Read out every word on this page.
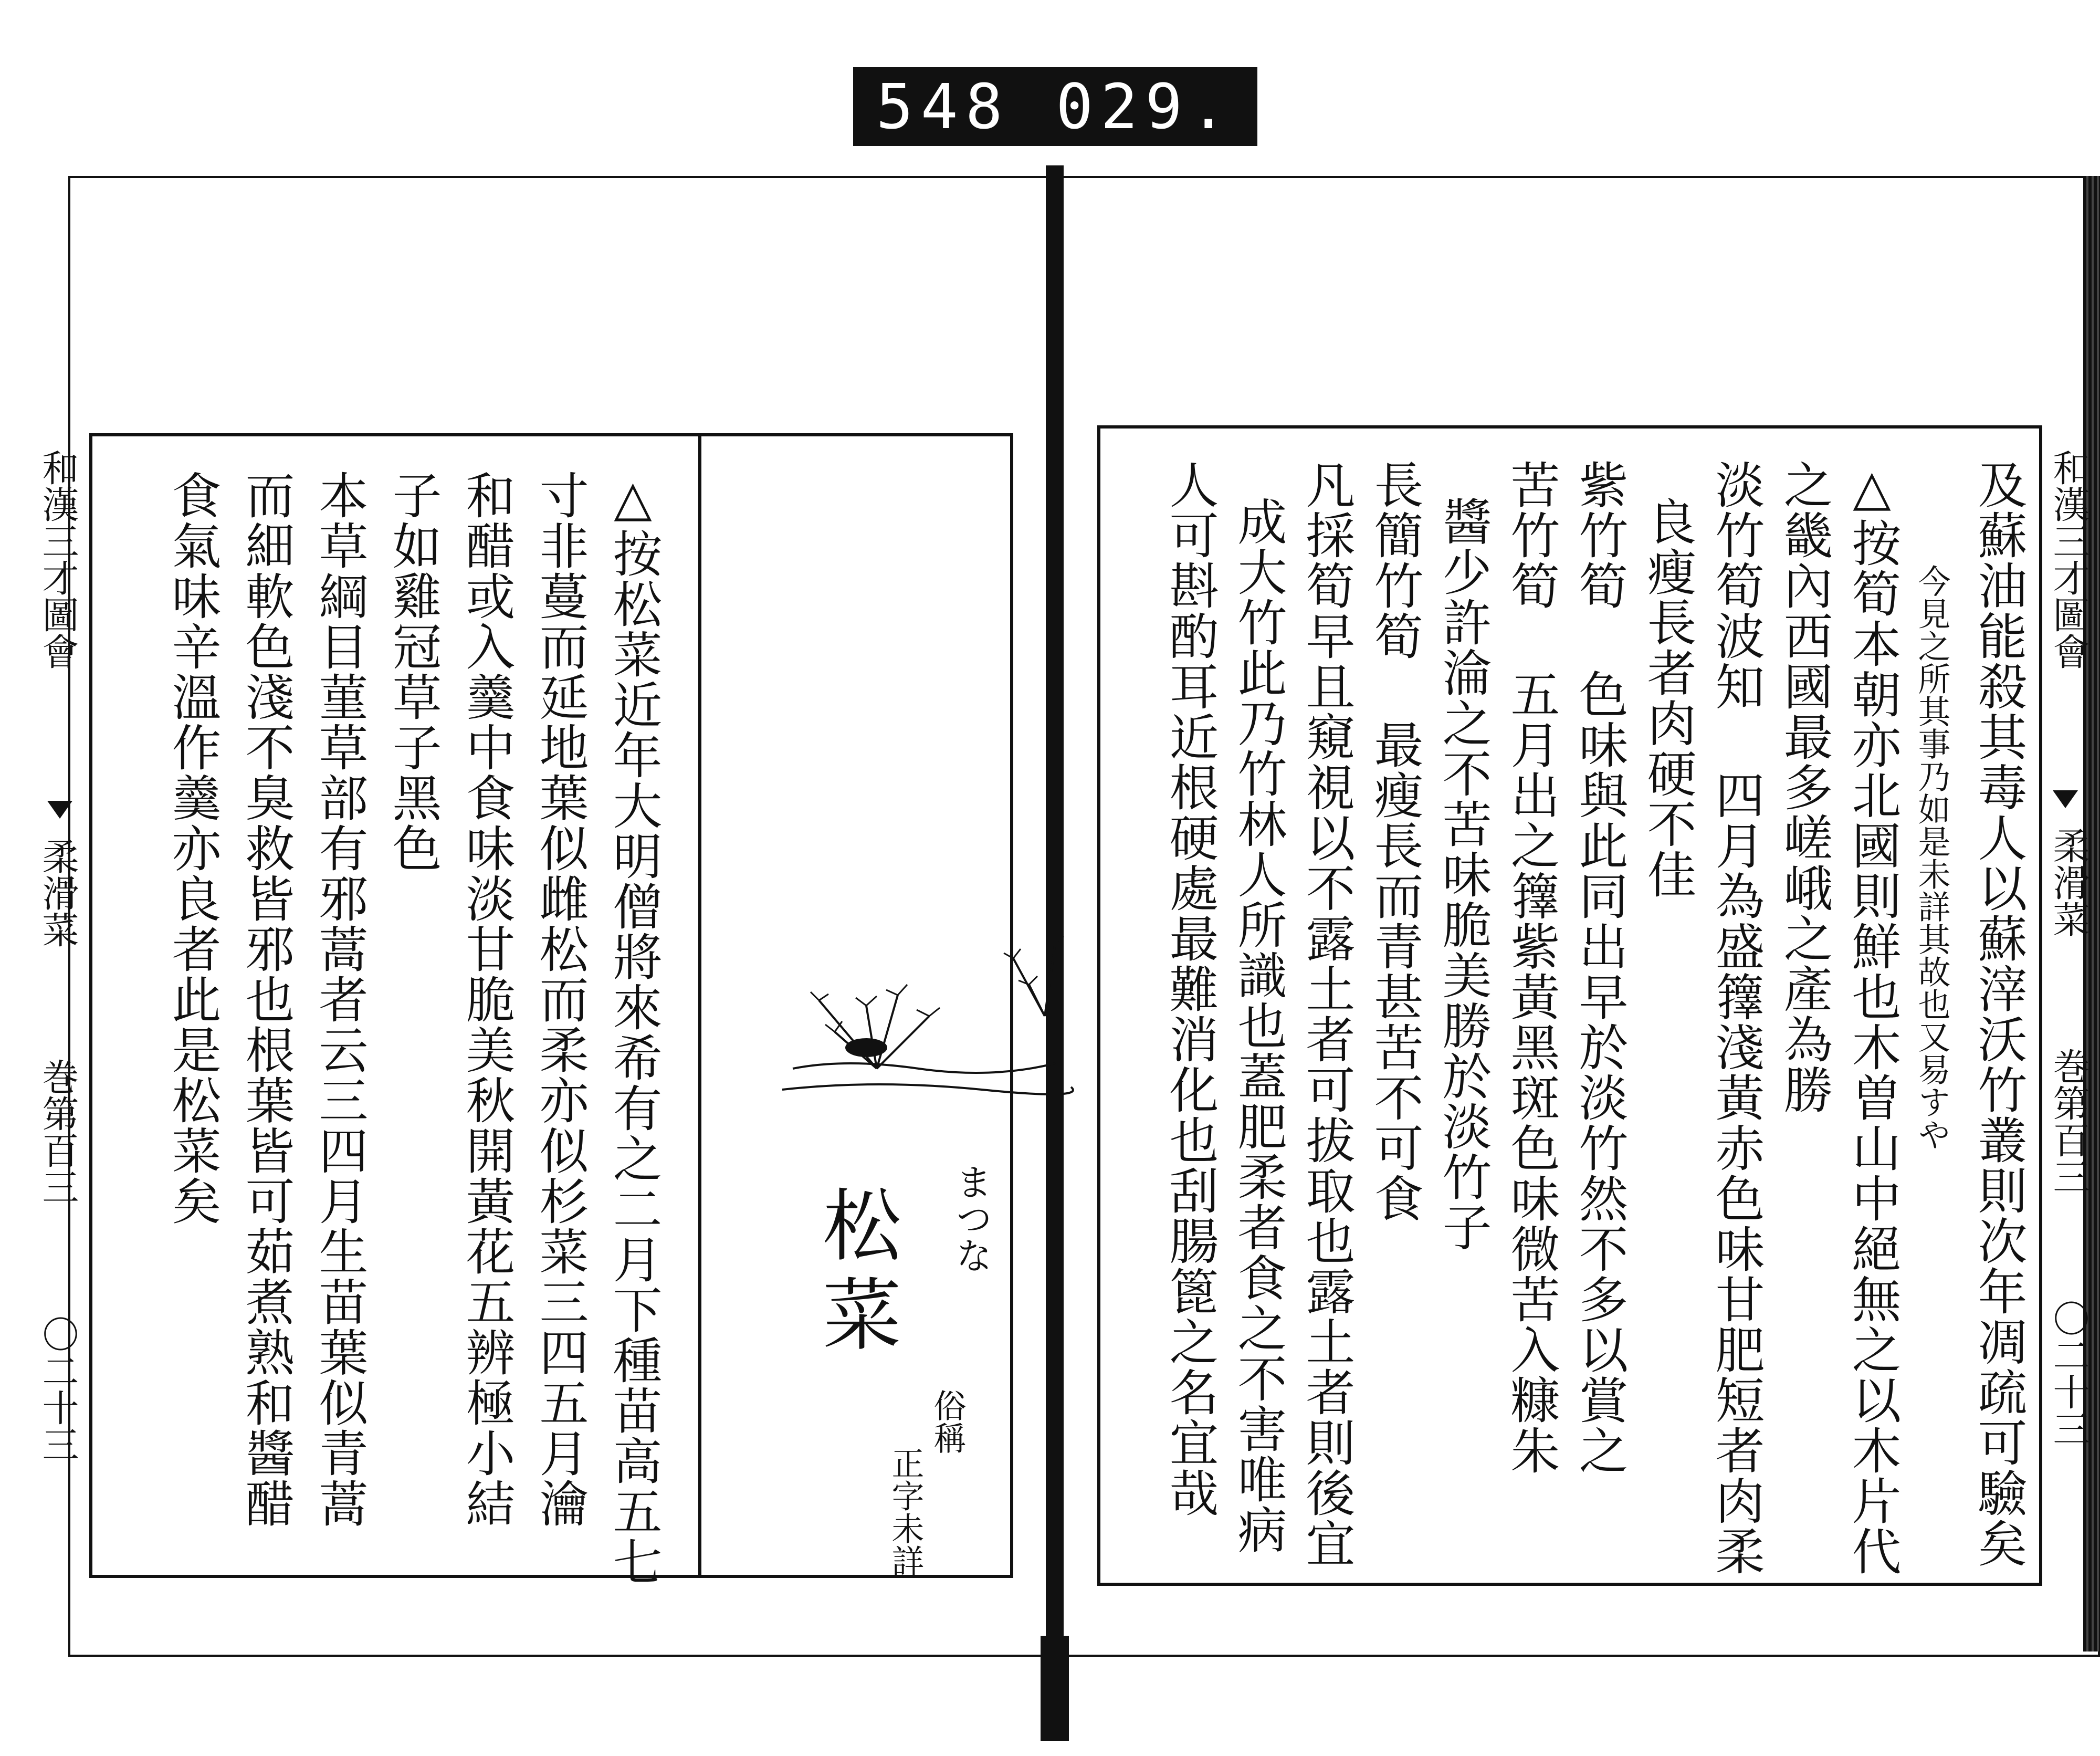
548 029.
和漢三才圖會
柔滑菜
巻第百三
〇二十三	△按松菜近年大明僧將來希有之二月下種苗高五七
寸非蔓而延地葉似雌松而柔亦似杉菜三四五月瀹
和醋或入羹中食味淡甘脆美秋開黃花五辨極小結
子如雞冠草子黑色
本草綱目菫草部有邪蒿者云三四月生苗葉似青蒿
而細軟色淺不臭救皆邪也根葉皆可茹煮熟和醬醋
食氣味辛溫作羹亦良者此是松菜矣
松菜	まつな
俗稱
正字未詳
和漢三才圖會
柔滑菜
巻第百三
〇二十三
及蘇油能殺其毒人以蘇滓沃竹叢則次年凋疏可驗矣
今見之所其事乃如是未詳其故也又易すや
△按筍本朝亦北國則鮮也木曽山中絕無之以木片代
之畿內西國最多嵯峨之產為勝
淡竹筍波知 四月為盛籜淺黃赤色味甘肥短者肉柔
良瘦長者肉硬不佳
紫竹筍 色味與此同出早於淡竹然不多以賞之
苦竹筍 五月出之籜紫黃黑斑色味微苦入糠朱
醬少許淪之不苦味脆美勝於淡竹子
長簡竹筍 最瘦長而青甚苦不可食
凡採筍早且窺視以不露土者可拔取也露土者則後宜
成大竹此乃竹林人所識也蓋肥柔者食之不害唯病
人可斟酌耳近根硬處最難消化也刮腸篦之名宜哉
